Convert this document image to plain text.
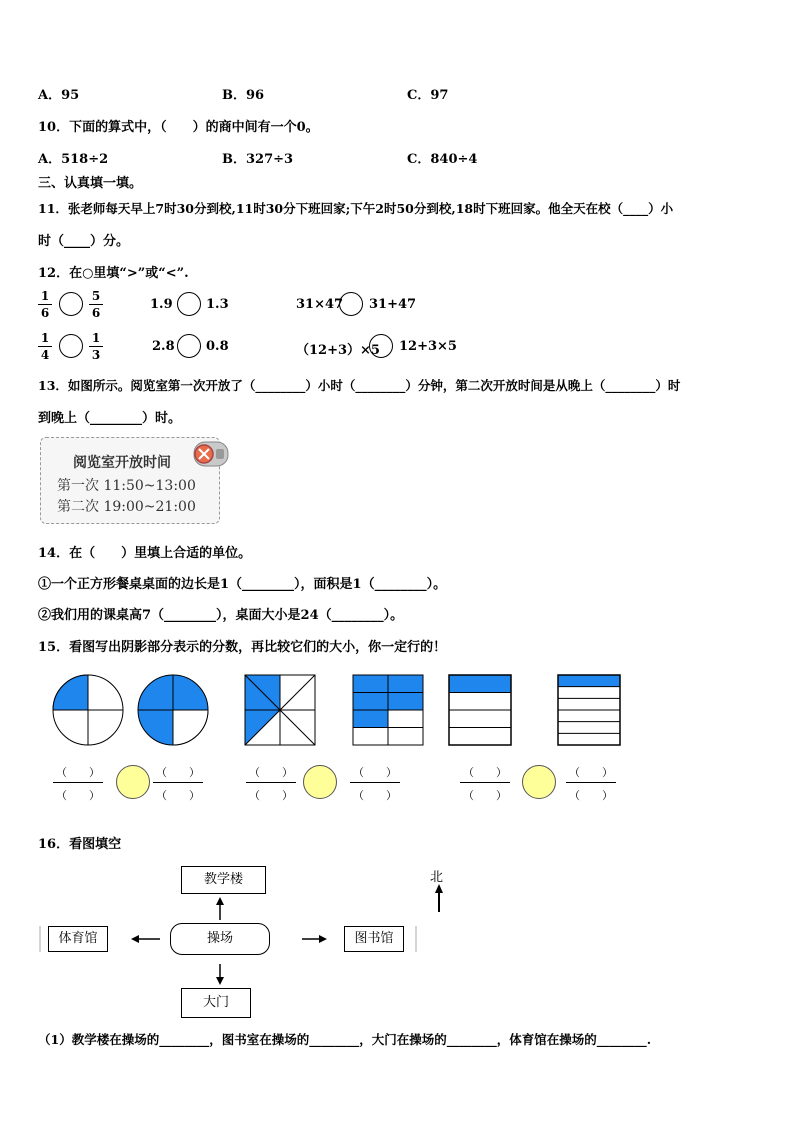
A．95	B．96	C．97
10．下面的算式中，（　　）的商中间有一个0。
A．518÷2	B．327÷3	C．840÷4
三、认真填一填。
11．张老师每天早上7时30分到校,11时30分下班回家;下午2时50分到校,18时下班回家。他全天在校（____）小
时（____）分。
12．在○里填“>”或“<”.
$\frac{1}{6}$	$\frac{5}{6}$	1.9	1.3	31×47 31+47
$\frac{1}{4}$	$\frac{1}{3}$	2.8 0.8	（12+3）×5 12+3×5
13．如图所示。阅览室第一次开放了（________）小时（________）分钟，第二次开放时间是从晚上（________）时
到晚上（________）时。
阅览室开放时间
第一次 11:50~13:00
第二次 19:00~21:00
14．在（　　）里填上合适的单位。
①一个正方形餐桌桌面的边长是1（________），面积是1（________）。
②我们用的课桌高7（________），桌面大小是24（________）。
15．看图写出阴影部分表示的分数，再比较它们的大小，你一定行的！
（　　）
（　　）
（　　）
（　　）
（　　）
（　　）
（　　）
（　　）
（　　）
（　　）
（　　）
（　　）
16．看图填空
教学楼
体育馆	操场	图书馆
大门
北
（1）教学楼在操场的________，图书室在操场的________，大门在操场的________，体育馆在操场的________.
